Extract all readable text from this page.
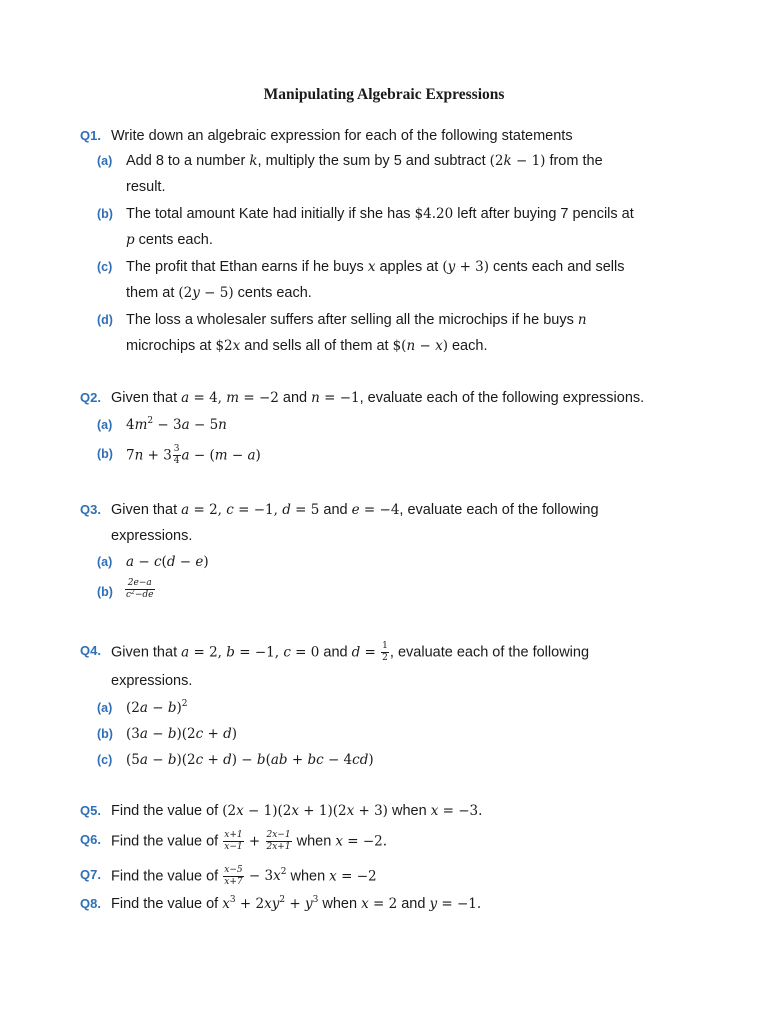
Manipulating Algebraic Expressions
Q1. Write down an algebraic expression for each of the following statements
(a) Add 8 to a number k, multiply the sum by 5 and subtract (2k − 1) from the
result.
(b) The total amount Kate had initially if she has $4.20 left after buying 7 pencils at
p cents each.
(c) The profit that Ethan earns if he buys x apples at (y + 3) cents each and sells
them at (2y − 5) cents each.
(d) The loss a wholesaler suffers after selling all the microchips if he buys n
microchips at $2x and sells all of them at $(n − x) each.
Q2. Given that a = 4, m = −2 and n = −1, evaluate each of the following expressions.
(a) $4m^2 - 3a - 5n$
(b) $7n + 3 \frac{3}{4}$ a − (m − a)
Q3. Given that a = 2, c = −1, d = 5 and e = −4, evaluate each of the following
expressions.
(a) a − c(d − e)
$(b) \frac{2e-a}{c^2-de}$
Q4. Given that a = 2, b = −1, c = 0 and $d = \frac{1}{2}$ , evaluate each of the following
expressions.
(a) $(2a - b)^2$
(b) (3a − b)(2c + d)
(c) (5a − b)(2c + d) − b(ab + bc − 4cd)
Q5. Find the value of (2x − 1)(2x + 1)(2x + 3) when x = −3.
Q6. Find the value of $\frac{x+1}{x-1} + \frac{2x-1}{2x+1}$ when x = −2.
Q7. Find the value of $\frac{x-5}{x+7} - 3x^2$ when x = −2
Q8. Find the value of $x^3 + 2xy^2 + y^3$ when x = 2 and y = −1.
